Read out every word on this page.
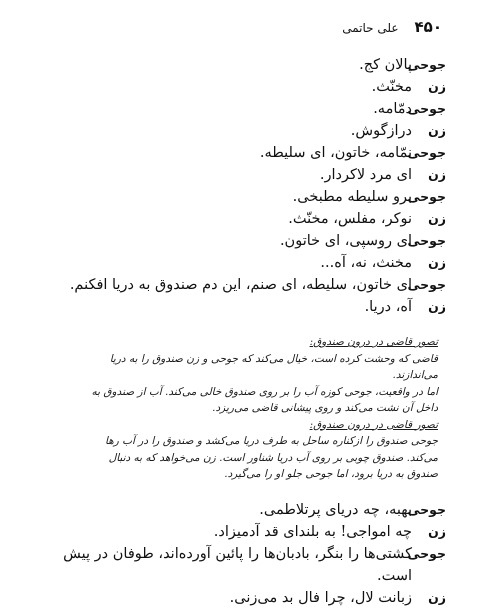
۴۵۰
علی حاتمی
جوحی
پالان کج.
زن
مخنّث.
جوحی
دمّامه.
زن
درازگوش.
جوحی
نمّامه، خاتون، ای سلیطه.
زن
ای مرد لاکردار.
جوحی
برو سلیطه مطبخی.
زن
نوکر، مفلس، مخنّث.
جوحی
ای روسپی، ای خاتون.
زن
مخنث، نه، آه...
جوحی
ای خاتون، سلیطه، ای صنم، این دم صندوق به دریا افکنم.
زن
آه، دریا.

تصور قاضی در درون صندوق:

قاضی که وحشت کرده است، خیال می‌کند که جوحی و زن صندوق را به دریا می‌اندازند.

اما در واقعیت، جوحی کوزه آب را بر روی صندوق خالی می‌کند. آب از صندوق به داخل آن نشت می‌کند و روی پیشانی قاضی می‌ریزد.

تصور قاضی در درون صندوق:

جوحی صندوق را ازکناره ساحل به طرف دریا می‌کشد و صندوق را در آب رها می‌کند. صندوق چوبی بر روی آب دریا شناور است. زن می‌خواهد که به دنبال صندوق به دریا برود، اما جوحی جلو او را می‌گیرد.

جوحی
بهبه، چه دریای پرتلاطمی.
زن
چه امواجی! به بلندای قد آدمیزاد.
جوحی
کشتی‌ها را بنگر، بادبان‌ها را پائین آورده‌اند، طوفان در پیش است.
زن
زبانت لال، چرا فال بد می‌زنی.
